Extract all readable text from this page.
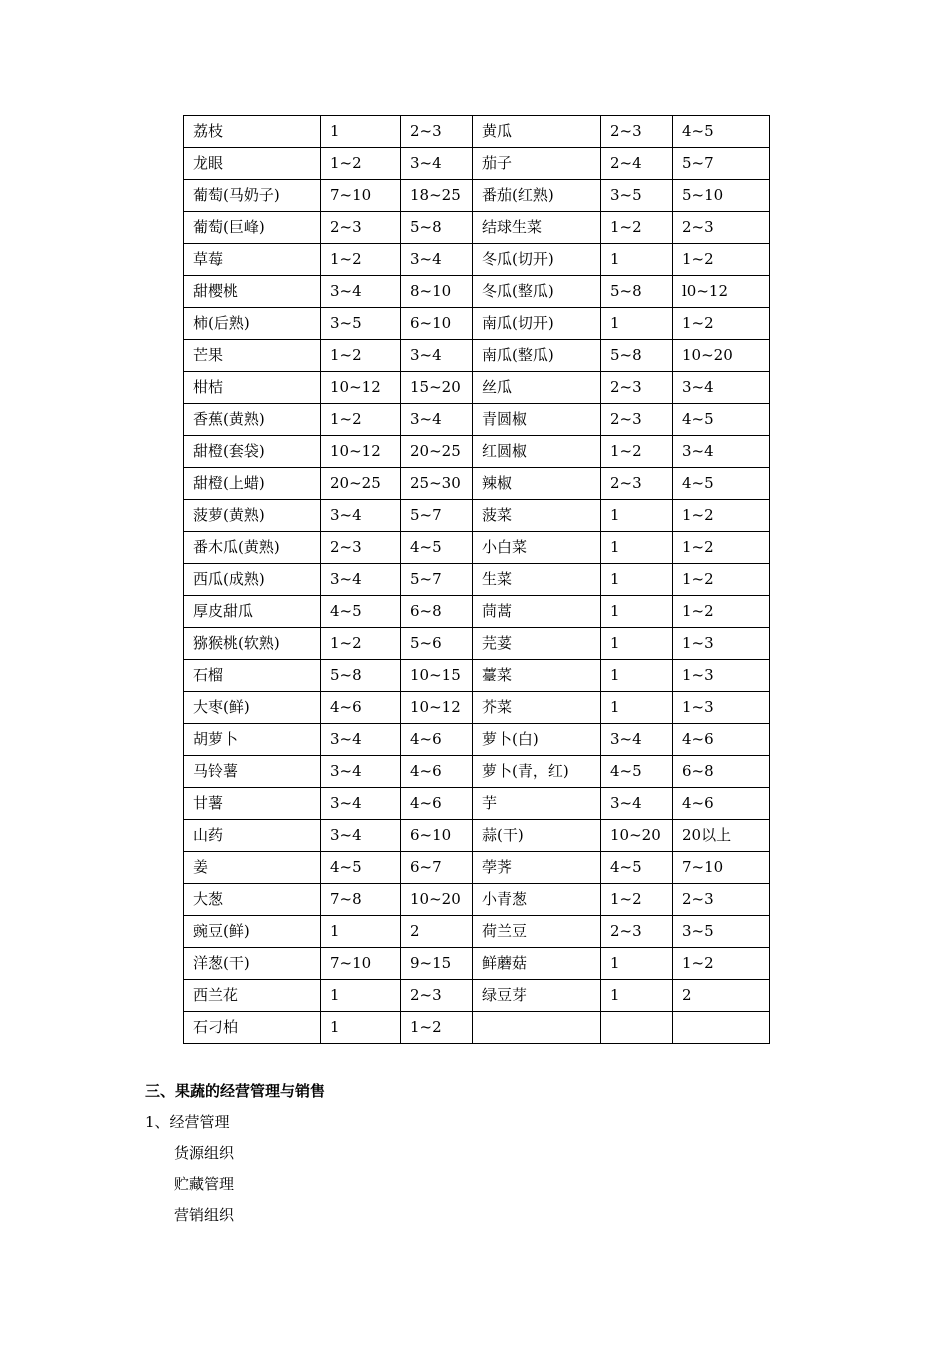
荔枝	1	2~3	黄瓜	2~3	4~5
龙眼	1~2	3~4	茄子	2~4	5~7
葡萄(马奶子)	7~10	18~25	番茄(红熟)	3~5	5~10
葡萄(巨峰)	2~3	5~8	结球生菜	1~2	2~3
草莓	1~2	3~4	冬瓜(切开)	1	1~2
甜樱桃	3~4	8~10	冬瓜(整瓜)	5~8	l0~12
柿(后熟)	3~5	6~10	南瓜(切开)	1	1~2
芒果	1~2	3~4	南瓜(整瓜)	5~8	10~20
柑桔	10~12	15~20	丝瓜	2~3	3~4
香蕉(黄熟)	1~2	3~4	青圆椒	2~3	4~5
甜橙(套袋)	10~12	20~25	红圆椒	1~2	3~4
甜橙(上蜡)	20~25	25~30	辣椒	2~3	4~5
菠萝(黄熟)	3~4	5~7	菠菜	1	1~2
番木瓜(黄熟)	2~3	4~5	小白菜	1	1~2
西瓜(成熟)	3~4	5~7	生菜	1	1~2
厚皮甜瓜	4~5	6~8	茼蒿	1	1~2
猕猴桃(软熟)	1~2	5~6	芫荽	1	1~3
石榴	5~8	10~15	薹菜	1	1~3
大枣(鲜)	4~6	10~12	芥菜	1	1~3
胡萝卜	3~4	4~6	萝卜(白)	3~4	4~6
马铃薯	3~4	4~6	萝卜(青，红)	4~5	6~8
甘薯	3~4	4~6	芋	3~4	4~6
山药	3~4	6~10	蒜(干)	10~20	20以上
姜	4~5	6~7	荸荠	4~5	7~10
大葱	7~8	10~20	小青葱	1~2	2~3
豌豆(鲜)	1	2	荷兰豆	2~3	3~5
洋葱(干)	7~10	9~15	鲜蘑菇	1	1~2
西兰花	1	2~3	绿豆芽	1	2
石刁柏	1	1~2			
三、果蔬的经营管理与销售
1、经营管理
货源组织
贮藏管理
营销组织
